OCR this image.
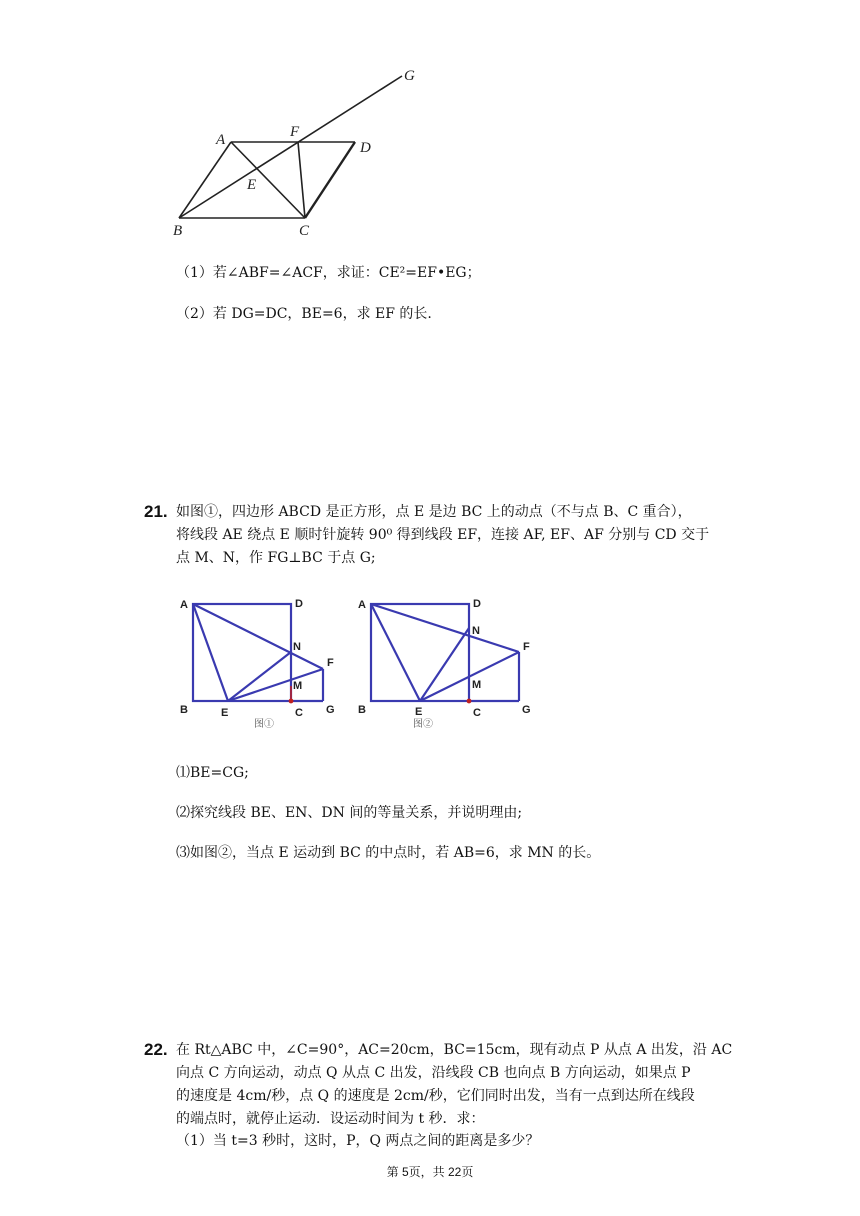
A	F
D
G
E
B	C
（1）若∠ABF=∠ACF，求证：CE²=EF•EG；
（2）若 DG=DC，BE=6，求 EF 的长.
21. 如图①，四边形 ABCD 是正方形，点 E 是边 BC 上的动点（不与点 B、C 重合），
将线段 AE 绕点 E 顺时针旋转 90⁰ 得到线段 EF，连接 AF, EF、AF 分别与 CD 交于
点 M、N，作 FG⊥BC 于点 G;
A	D
N
F
M
B	E	C G
图①
A	D
N
F
M
B	E	C	G
图②
⑴BE=CG;
⑵探究线段 BE、EN、DN 间的等量关系，并说明理由;
⑶如图②，当点 E 运动到 BC 的中点时，若 AB=6，求 MN 的长。
22. 在 Rt△ABC 中，∠C=90°，AC=20cm，BC=15cm，现有动点 P 从点 A 出发，沿 AC
向点 C 方向运动，动点 Q 从点 C 出发，沿线段 CB 也向点 B 方向运动，如果点 P
的速度是 4cm/秒，点 Q 的速度是 2cm/秒，它们同时出发，当有一点到达所在线段
的端点时，就停止运动．设运动时间为 t 秒．求：
（1）当 t=3 秒时，这时，P，Q 两点之间的距离是多少？
第 5页，共 22页
